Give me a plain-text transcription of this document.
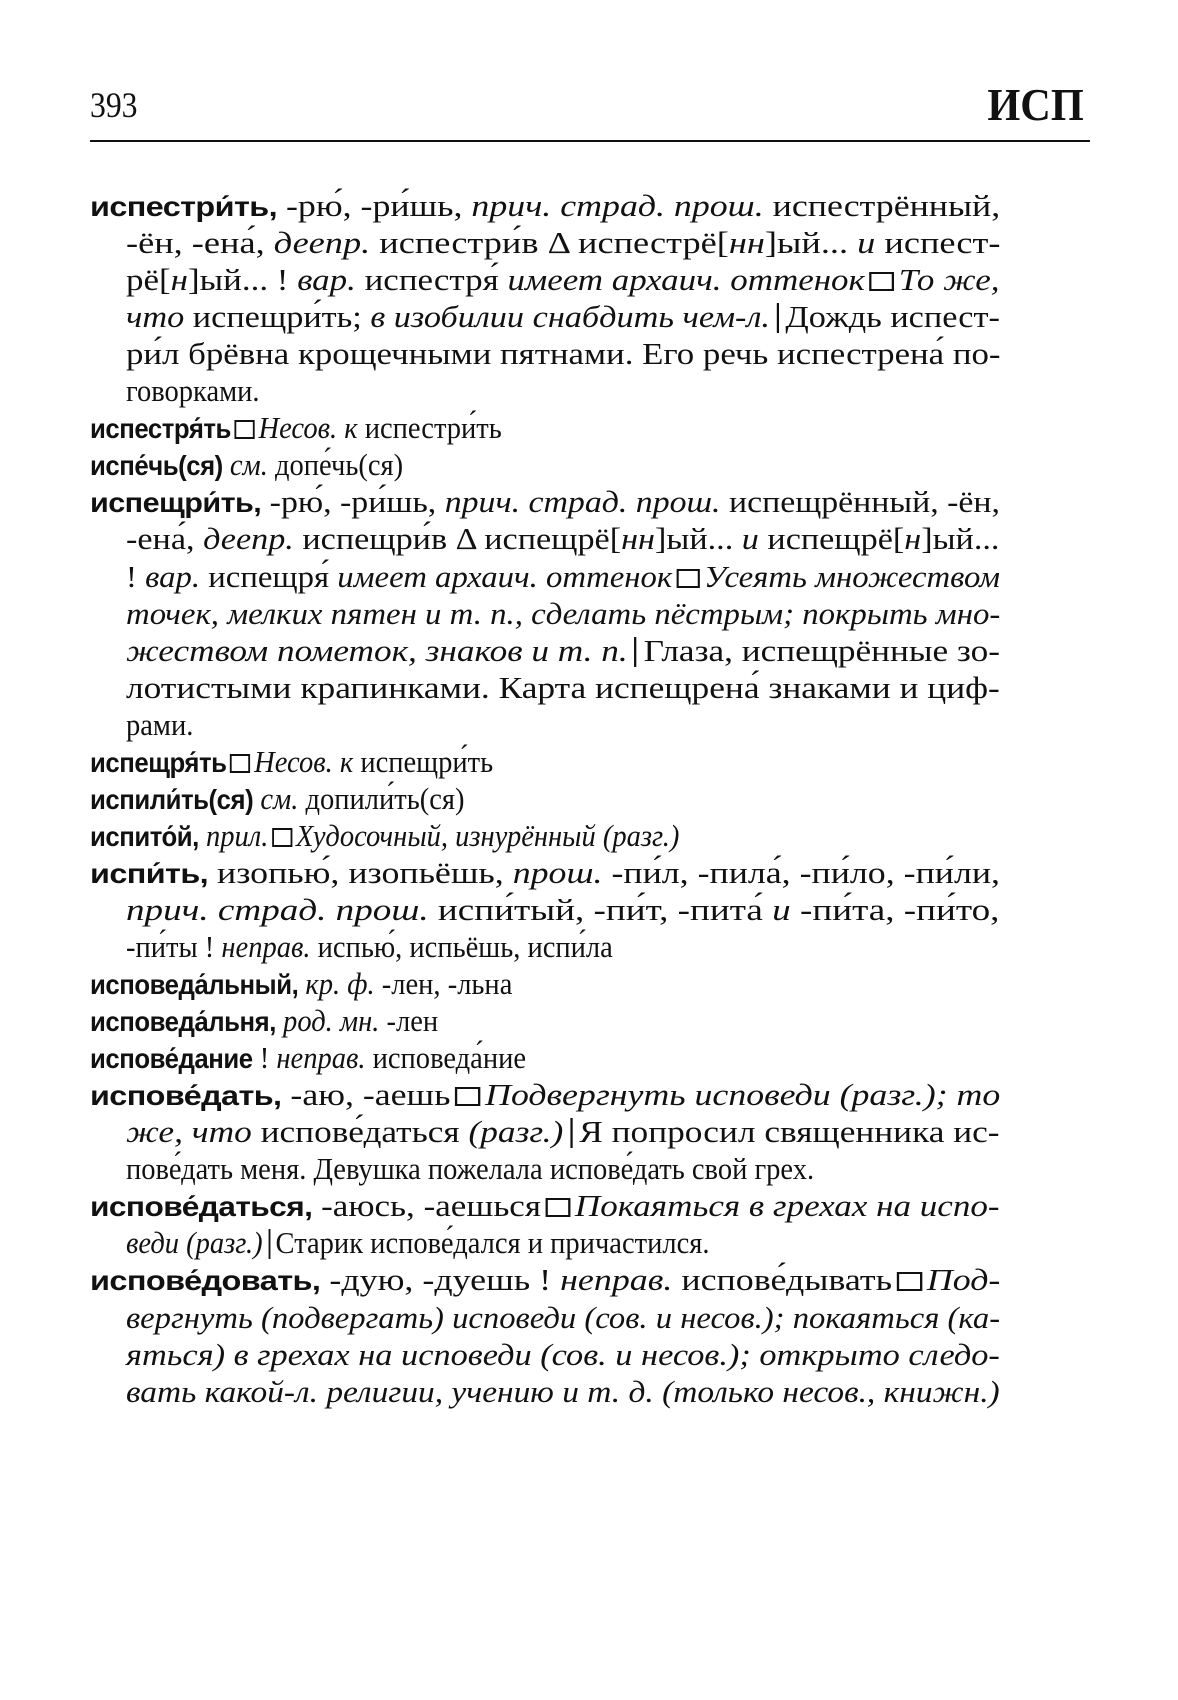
393	ИСП
испестри́ть, -рю́, -ри́шь, прич. страд. прош. испестрённый,
-ён, -ена́, деепр. испестри́в Δ испестрё[нн]ый... и испест-
рё[н]ый... ! вар. испестря́ имеет архаич. оттенок То же,
что испещри́ть; в изобилии снабдить чем-л. Дождь испест-
ри́л брёвна крощечными пятнами. Его речь испестрена́ по-
говорками.
испестря́ть Несов. к испестри́ть
испе́чь(ся) см. допе́чь(ся)
испещри́ть, -рю́, -ри́шь, прич. страд. прош. испещрённый, -ён,
-ена́, деепр. испещри́в Δ испещрё[нн]ый... и испещрё[н]ый...
! вар. испещря́ имеет архаич. оттенок Усеять множеством
точек, мелких пятен и т. п., сделать пёстрым; покрыть мно-
жеством пометок, знаков и т. п. Глаза, испещрённые зо-
лотистыми крапинками. Карта испещрена́ знаками и циф-
рами.
испещря́ть Несов. к испещри́ть
испили́ть(ся) см. допили́ть(ся)
испито́й, прил. Худосочный, изнурённый (разг.)
испи́ть, изопью́, изопьёшь, прош. -пи́л, -пила́, -пи́ло, -пи́ли,
прич. страд. прош. испи́тый, -пи́т, -пита́ и -пи́та, -пи́то,
-пи́ты ! неправ. испью́, испьёшь, испи́ла
исповеда́льный, кр. ф. -лен, -льна
исповеда́льня, род. мн. -лен
испове́дание ! неправ. исповеда́ние
испове́дать, -аю, -аешь Подвергнуть исповеди (разг.); то
же, что испове́даться (разг.) Я попросил священника ис-
пове́дать меня. Девушка пожелала испове́дать свой грех.
испове́даться, -аюсь, -аешься Покаяться в грехах на испо-
веди (разг.) Старик испове́дался и причастился.
испове́довать, -дую, -дуешь ! неправ. испове́дывать Под-
вергнуть (подвергать) исповеди (сов. и несов.); покаяться (ка-
яться) в грехах на исповеди (сов. и несов.); открыто следо-
вать какой-л. религии, учению и т. д. (только несов., книжн.)
